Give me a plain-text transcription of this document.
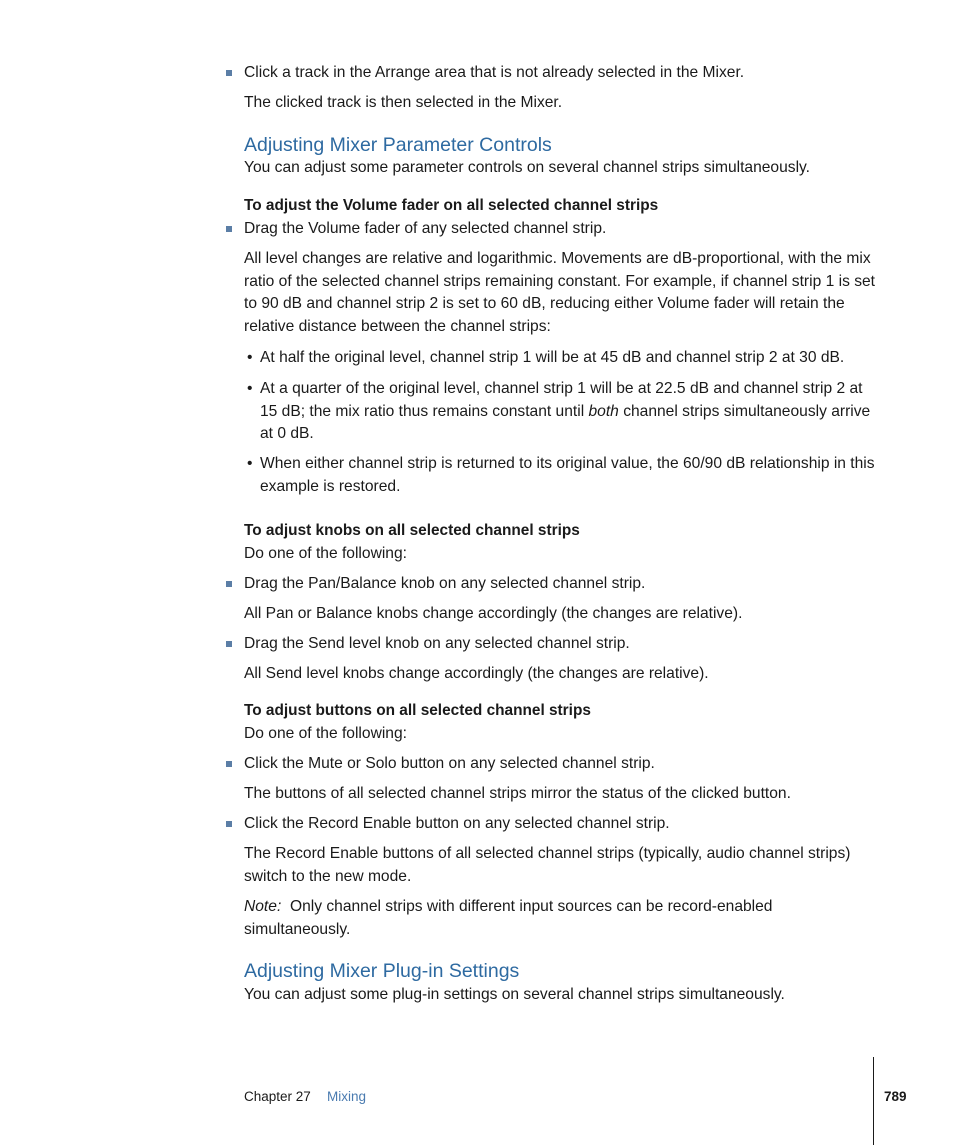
Click a track in the Arrange area that is not already selected in the Mixer.
The clicked track is then selected in the Mixer.
Adjusting Mixer Parameter Controls
You can adjust some parameter controls on several channel strips simultaneously.
To adjust the Volume fader on all selected channel strips
Drag the Volume fader of any selected channel strip.
All level changes are relative and logarithmic. Movements are dB-proportional, with the mix ratio of the selected channel strips remaining constant. For example, if channel strip 1 is set to 90 dB and channel strip 2 is set to 60 dB, reducing either Volume fader will retain the relative distance between the channel strips:
• At half the original level, channel strip 1 will be at 45 dB and channel strip 2 at 30 dB.
• At a quarter of the original level, channel strip 1 will be at 22.5 dB and channel strip 2 at 15 dB; the mix ratio thus remains constant until both channel strips simultaneously arrive at 0 dB.
• When either channel strip is returned to its original value, the 60/90 dB relationship in this example is restored.
To adjust knobs on all selected channel strips
Do one of the following:
Drag the Pan/Balance knob on any selected channel strip.
All Pan or Balance knobs change accordingly (the changes are relative).
Drag the Send level knob on any selected channel strip.
All Send level knobs change accordingly (the changes are relative).
To adjust buttons on all selected channel strips
Do one of the following:
Click the Mute or Solo button on any selected channel strip.
The buttons of all selected channel strips mirror the status of the clicked button.
Click the Record Enable button on any selected channel strip.
The Record Enable buttons of all selected channel strips (typically, audio channel strips) switch to the new mode.
Note: Only channel strips with different input sources can be record-enabled simultaneously.
Adjusting Mixer Plug-in Settings
You can adjust some plug-in settings on several channel strips simultaneously.
Chapter 27 Mixing	789
